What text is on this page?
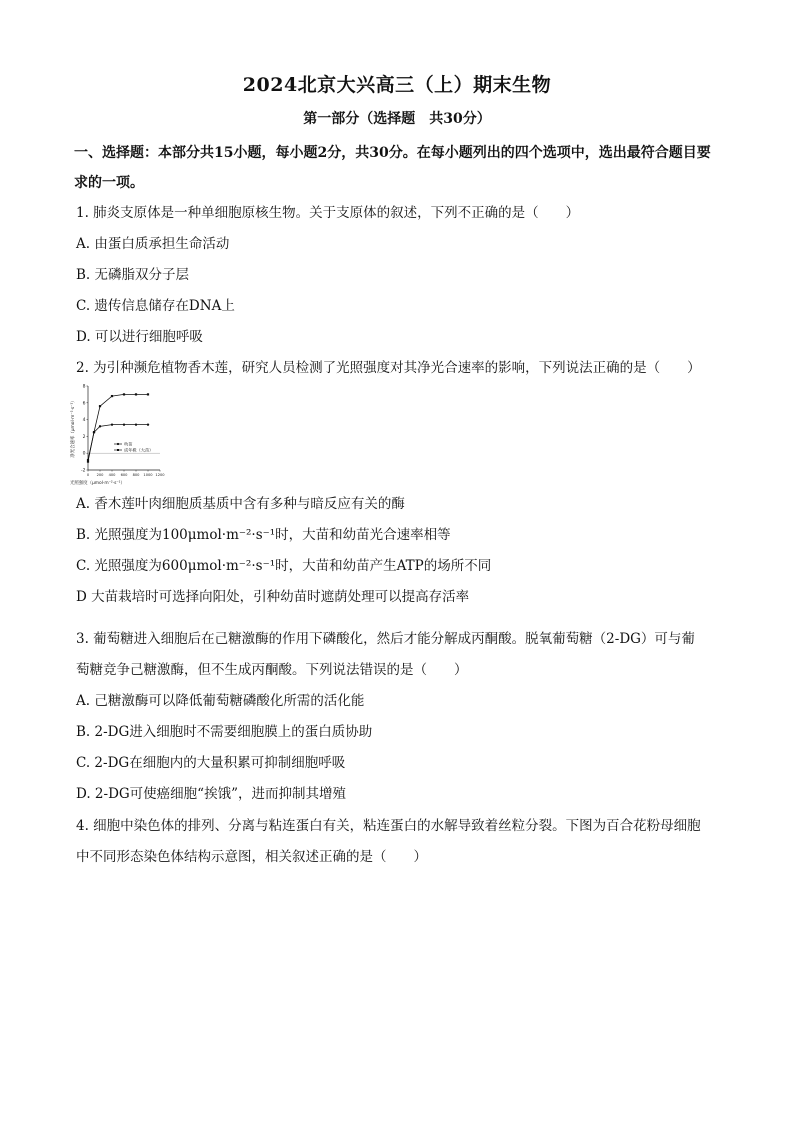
2024北京大兴高三（上）期末生物
第一部分（选择题　共30分）
一、选择题：本部分共15小题，每小题2分，共30分。在每小题列出的四个选项中，选出最符合题目要求的一项。
1. 肺炎支原体是一种单细胞原核生物。关于支原体的叙述，下列不正确的是（　　）
A. 由蛋白质承担生命活动
B. 无磷脂双分子层
C. 遗传信息储存在DNA上
D. 可以进行细胞呼吸
2. 为引种濒危植物香木莲，研究人员检测了光照强度对其净光合速率的影响，下列说法正确的是（　　）
-2
0
2
4
6
8
0 200 400 600 800 1000 1200
光照强度（μmol·m⁻²·s⁻¹）
净光合速率（μmol·m⁻²·s⁻¹）	幼苗
成年株（大苗）
A. 香木莲叶肉细胞质基质中含有多种与暗反应有关的酶
B. 光照强度为100μmol·m⁻²·s⁻¹时，大苗和幼苗光合速率相等
C. 光照强度为600μmol·m⁻²·s⁻¹时，大苗和幼苗产生ATP的场所不同
D 大苗栽培时可选择向阳处，引种幼苗时遮荫处理可以提高存活率
3. 葡萄糖进入细胞后在己糖激酶的作用下磷酸化，然后才能分解成丙酮酸。脱氧葡萄糖（2-DG）可与葡
萄糖竞争己糖激酶，但不生成丙酮酸。下列说法错误的是（　　）
A. 己糖激酶可以降低葡萄糖磷酸化所需的活化能
B. 2-DG进入细胞时不需要细胞膜上的蛋白质协助
C. 2-DG在细胞内的大量积累可抑制细胞呼吸
D. 2-DG可使癌细胞“挨饿”，进而抑制其增殖
4. 细胞中染色体的排列、分离与粘连蛋白有关，粘连蛋白的水解导致着丝粒分裂。下图为百合花粉母细胞
中不同形态染色体结构示意图，相关叙述正确的是（　　）
